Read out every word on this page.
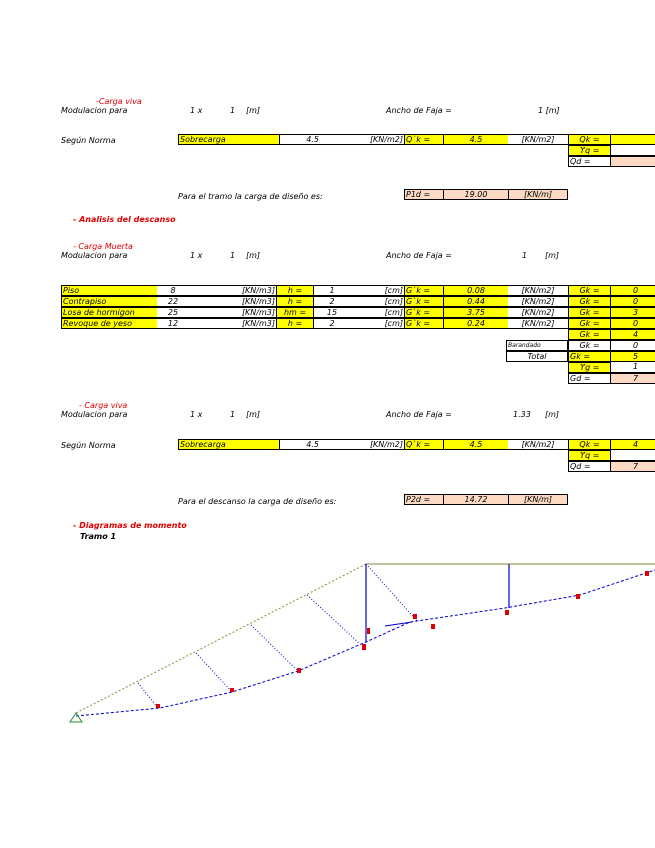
-Carga viva
Modulacion para	1 x	1 [m]	Ancho de Faja =	1 [m]
Según Norma	Sobrecarga	4.5	[KN/m2] Q`k =	4.5	[KN/m2]	Qk =
ϒq =
Qd =
Para el tramo la carga de diseño es:	P1d =	19.00	[KN/m]
- Analisis del descanso
- Carga Muerta
Modulacion para	1 x	1 [m]	Ancho de Faja =	1 [m]
Piso	8	[KN/m3]	h =	1	[cm] G`k =	0.08	[KN/m2]	Gk =	0
Contrapiso	22	[KN/m3]	h =	2	[cm] G`k =	0.44	[KN/m2]	Gk =	0
Losa de hormigon	25	[KN/m3]	hm =	15	[cm] G`k =	3.75	[KN/m2]	Gk =	3
Revoque de yeso	12	[KN/m3]	h =	2	[cm] G`k =	0.24	[KN/m2]	Gk =	0
Gk =	4
Barandado	Gk =	0
Total	Gk =	5
ϒg =	1
Gd =	7
- Carga viva
Modulacion para	1 x	1 [m]	Ancho de Faja =	1.33 [m]
Según Norma	Sobrecarga	4.5	[KN/m2] Q`k =	4.5	[KN/m2]	Qk =	4
ϒq =
Qd =	7
Para el descanso la carga de diseño es:	P2d =	14.72	[KN/m]
- Diagramas de momento
Tramo 1
